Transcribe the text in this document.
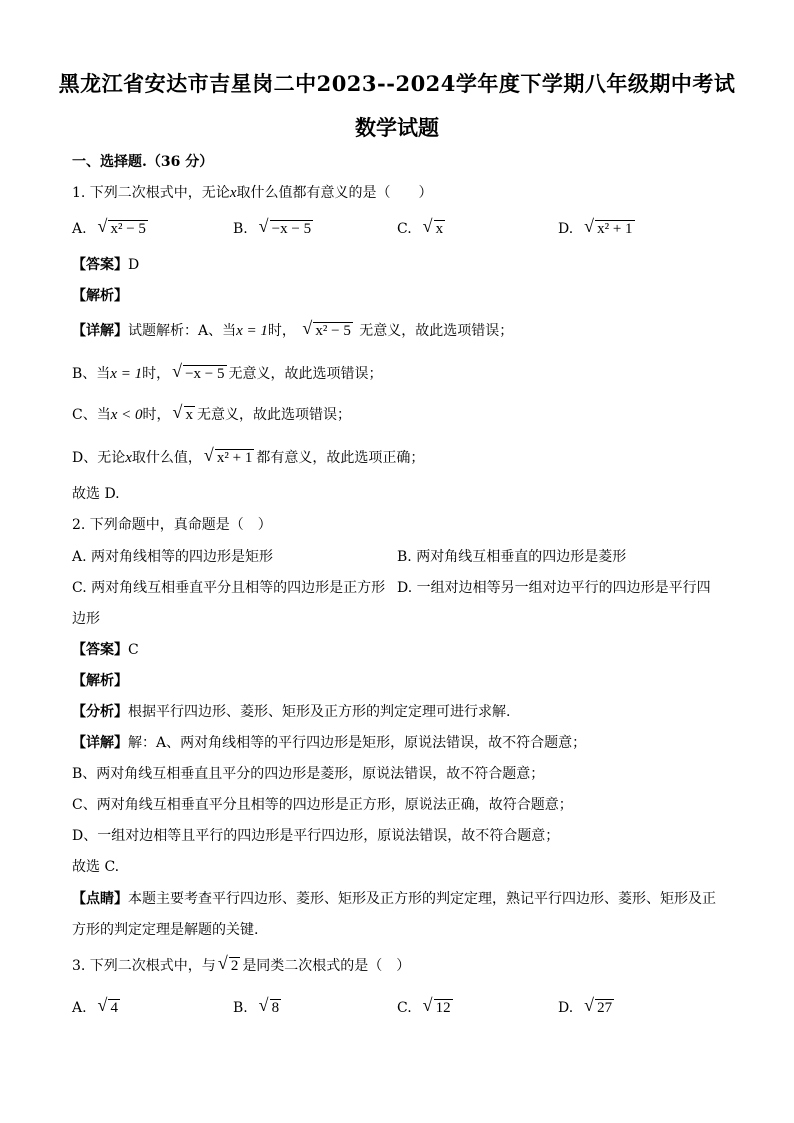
黑龙江省安达市吉星岗二中2023--2024学年度下学期八年级期中考试
数学试题
一、选择题.（36 分）
1. 下列二次根式中，无论x取什么值都有意义的是（　　）
A. √ x² − 5	B. √ −x − 5	C. √ x	D. √ x² + 1
【答案】D
【解析】
【详解】试题解析：A、当x = 1时， √ x² − 5 无意义，故此选项错误；
B、当x = 1时， √ −x − 5 无意义，故此选项错误；
C、当x < 0时， √ x 无意义，故此选项错误；
D、无论x取什么值， √ x² + 1 都有意义，故此选项正确；
故选 D.
2. 下列命题中，真命题是（　）
A. 两对角线相等的四边形是矩形	B. 两对角线互相垂直的四边形是菱形
C. 两对角线互相垂直平分且相等的四边形是正方形 D. 一组对边相等另一组对边平行的四边形是平行四
边形
【答案】C
【解析】
【分析】根据平行四边形、菱形、矩形及正方形的判定定理可进行求解.
【详解】解：A、两对角线相等的平行四边形是矩形，原说法错误，故不符合题意；
B、两对角线互相垂直且平分的四边形是菱形，原说法错误，故不符合题意；
C、两对角线互相垂直平分且相等的四边形是正方形，原说法正确，故符合题意；
D、一组对边相等且平行的四边形是平行四边形，原说法错误，故不符合题意；
故选 C.
【点睛】本题主要考查平行四边形、菱形、矩形及正方形的判定定理，熟记平行四边形、菱形、矩形及正
方形的判定定理是解题的关键.
3. 下列二次根式中，与 √ 2 是同类二次根式的是（　）
A. √ 4	B. √ 8	C. √ 12	D. √ 27
